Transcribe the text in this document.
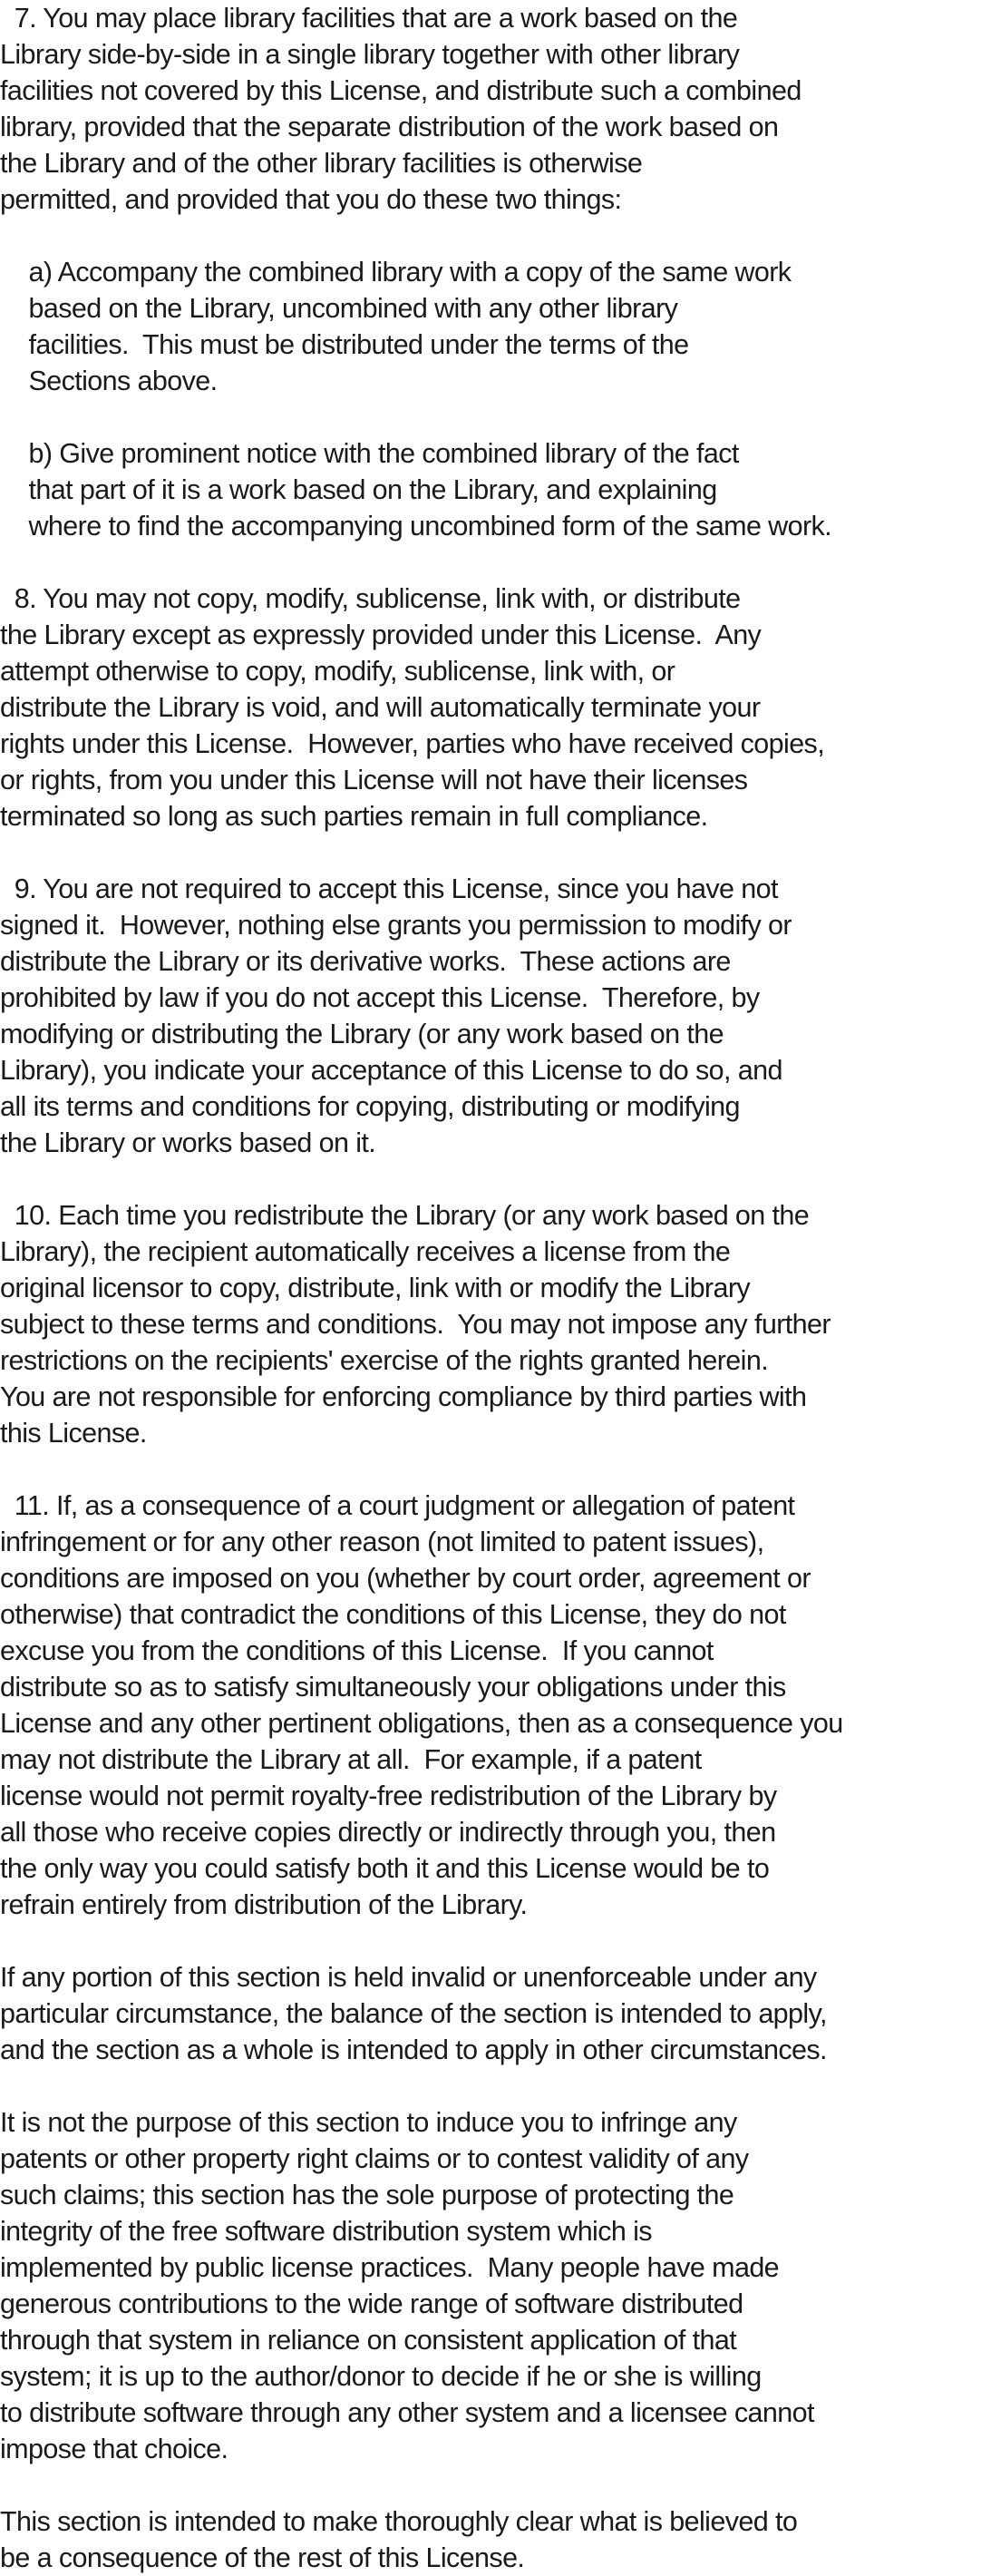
7. You may place library facilities that are a work based on the
Library side-by-side in a single library together with other library
facilities not covered by this License, and distribute such a combined
library, provided that the separate distribution of the work based on
the Library and of the other library facilities is otherwise
permitted, and provided that you do these two things:
a) Accompany the combined library with a copy of the same work
based on the Library, uncombined with any other library
facilities.  This must be distributed under the terms of the
Sections above.
b) Give prominent notice with the combined library of the fact
that part of it is a work based on the Library, and explaining
where to find the accompanying uncombined form of the same work.
8. You may not copy, modify, sublicense, link with, or distribute
the Library except as expressly provided under this License.  Any
attempt otherwise to copy, modify, sublicense, link with, or
distribute the Library is void, and will automatically terminate your
rights under this License.  However, parties who have received copies,
or rights, from you under this License will not have their licenses
terminated so long as such parties remain in full compliance.
9. You are not required to accept this License, since you have not
signed it.  However, nothing else grants you permission to modify or
distribute the Library or its derivative works.  These actions are
prohibited by law if you do not accept this License.  Therefore, by
modifying or distributing the Library (or any work based on the
Library), you indicate your acceptance of this License to do so, and
all its terms and conditions for copying, distributing or modifying
the Library or works based on it.
10. Each time you redistribute the Library (or any work based on the
Library), the recipient automatically receives a license from the
original licensor to copy, distribute, link with or modify the Library
subject to these terms and conditions.  You may not impose any further
restrictions on the recipients' exercise of the rights granted herein.
You are not responsible for enforcing compliance by third parties with
this License.
11. If, as a consequence of a court judgment or allegation of patent
infringement or for any other reason (not limited to patent issues),
conditions are imposed on you (whether by court order, agreement or
otherwise) that contradict the conditions of this License, they do not
excuse you from the conditions of this License.  If you cannot
distribute so as to satisfy simultaneously your obligations under this
License and any other pertinent obligations, then as a consequence you
may not distribute the Library at all.  For example, if a patent
license would not permit royalty-free redistribution of the Library by
all those who receive copies directly or indirectly through you, then
the only way you could satisfy both it and this License would be to
refrain entirely from distribution of the Library.
If any portion of this section is held invalid or unenforceable under any
particular circumstance, the balance of the section is intended to apply,
and the section as a whole is intended to apply in other circumstances.
It is not the purpose of this section to induce you to infringe any
patents or other property right claims or to contest validity of any
such claims; this section has the sole purpose of protecting the
integrity of the free software distribution system which is
implemented by public license practices.  Many people have made
generous contributions to the wide range of software distributed
through that system in reliance on consistent application of that
system; it is up to the author/donor to decide if he or she is willing
to distribute software through any other system and a licensee cannot
impose that choice.
This section is intended to make thoroughly clear what is believed to
be a consequence of the rest of this License.
